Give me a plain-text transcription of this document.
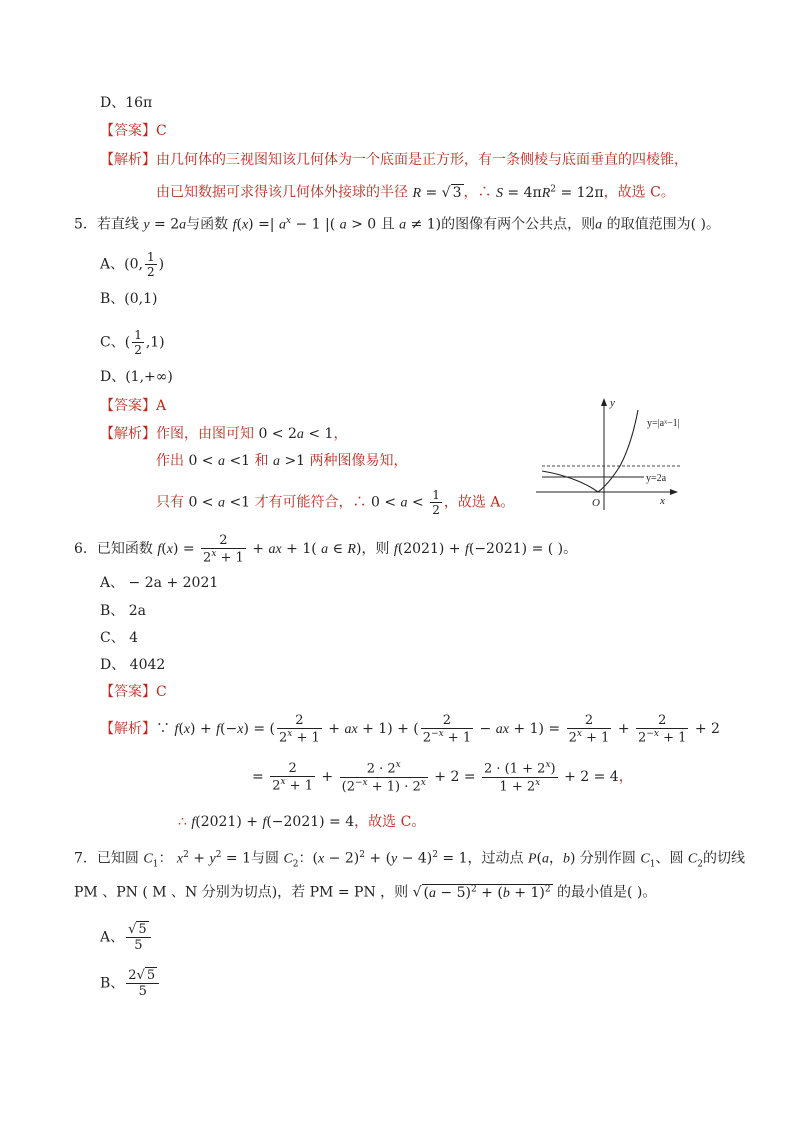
D、16π
【答案】C
【解析】由几何体的三视图知该几何体为一个底面是正方形，有一条侧棱与底面垂直的四棱锥，
由已知数据可求得该几何体外接球的半径 R = √ 3 ，∴ $S = 4\pi R^2 = 12\pi$，故选 C。
5．若直线 y = 2a与函数 f(x) =| $a^x - 1$ |( a > 0 且 a ≠ 1)的图像有两个公共点，则a 的取值范围为( )。
A、(0, $\frac{1}{2}$ )
B、(0,1)
C、( $\frac{1}{2} ,1$)
D、(1,+∞)
【答案】A
【解析】作图，由图可知 0 < 2a < 1，
作出 0 < a <1 和 a >1 两种图像易知，
只有 0 < a <1 才有可能符合，∴ $0 < a < \frac{1}{2}$ ，故选 A。
y
y=|aˣ−1|
y=2a
x
O
6．已知函数 $f(x) = \frac{2}{2^x + 1}$ + ax + 1( a ∈ R)，则 f(2021) + f(−2021) = ( )。
A、 − 2a + 2021
B、 2a
C、 4
D、 4042
【答案】C
【解析】∵ f(x) + f(−x) = ( $\frac{2}{2^x + 1}$ + ax + 1) + ( $\frac{2}{2^{-x} + 1}$ − ax + $1) = \frac{2}{2^x + 1} + \frac{2}{2^{-x} + 1} + 2$
= $\frac{2}{2^x + 1} + \frac{2 \cdot 2^x}{(2^{-x} + 1) \cdot 2^x} + 2 = \frac{2 \cdot (1 + 2^x)}{1 + 2^x} + 2 = 4$，
∴ f(2021) + f(−2021) = 4，故选 C。
7．已知圆 $C_1$： $x^2 + y^2 = 1$与圆 $C_2$：$(x - 2)^2 + (y - 4)^2 = 1$，过动点 P(a，b) 分别作圆 $C_1$、圆 $C_2$的切线
PM 、PN ( M 、N 分别为切点)，若 PM = PN ，则 √ $(a - 5)^2 + (b + 1)^2$ 的最小值是( )。
A、 $\frac{√ 5}{5}$
B、 $\frac{2√ 5}{5}$
